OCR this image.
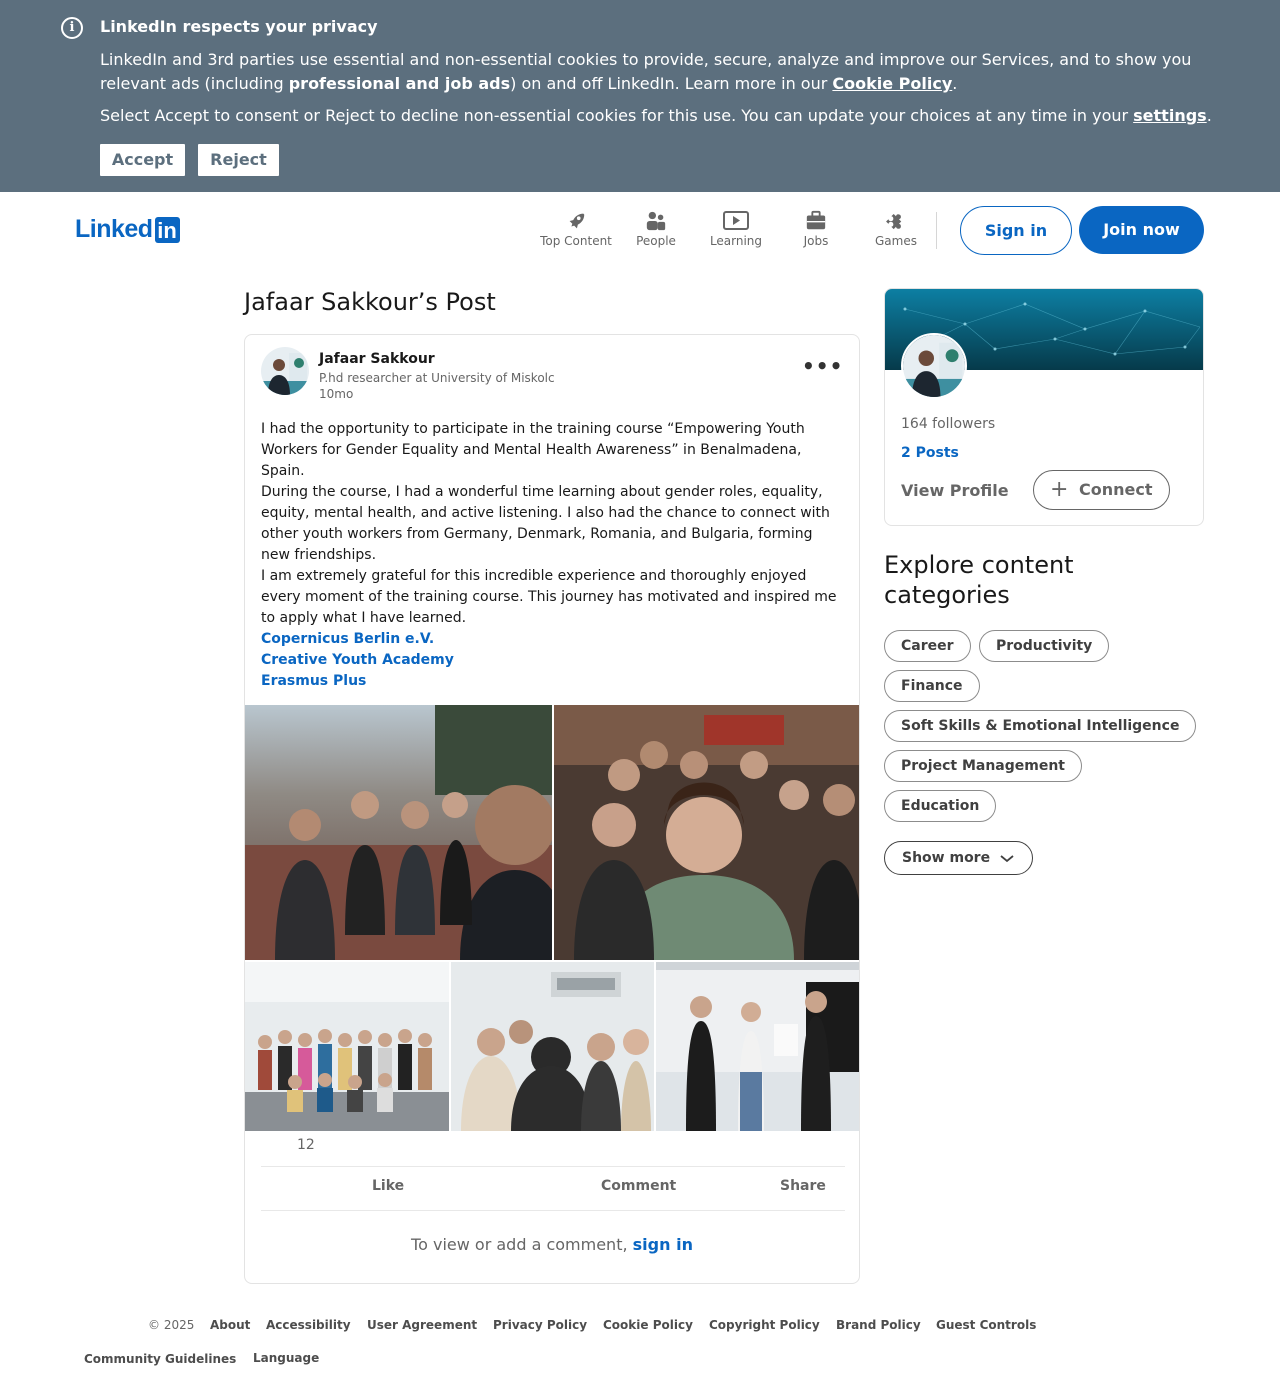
i	LinkedIn respects your privacy
LinkedIn and 3rd parties use essential and non-essential cookies to provide, secure, analyze and improve our Services, and to show you relevant ads (including professional and job ads) on and off LinkedIn. Learn more in our Cookie Policy.
Select Accept to consent or Reject to decline non-essential cookies for this use. You can update your choices at any time in your settings.
Accept	Reject
Linked in	Top Content	People	Learning	Jobs	Games
Sign in	Join now
Jafaar Sakkour’s Post
Jafaar Sakkour
P.hd researcher at University of Miskolc
10mo
•••

I had the opportunity to participate in the training course “Empowering Youth Workers for Gender Equality and Mental Health Awareness” in Benalmadena, Spain.

During the course, I had a wonderful time learning about gender roles, equality, equity, mental health, and active listening. I also had the chance to connect with other youth workers from Germany, Denmark, Romania, and Bulgaria, forming new friendships.

I am extremely grateful for this incredible experience and thoroughly enjoyed every moment of the training course. This journey has motivated and inspired me to apply what I have learned.

Copernicus Berlin e.V.
Creative Youth Academy
Erasmus Plus
12
Like	Comment	Share
To view or add a comment, sign in
164 followers
2 Posts
View Profile + Connect
Explore content categories
Career	Productivity
Finance
Soft Skills & Emotional Intelligence
Project Management
Education
Show more
© 2025 About Accessibility User Agreement Privacy Policy Cookie Policy Copyright Policy Brand Policy Guest Controls
Community Guidelines Language
